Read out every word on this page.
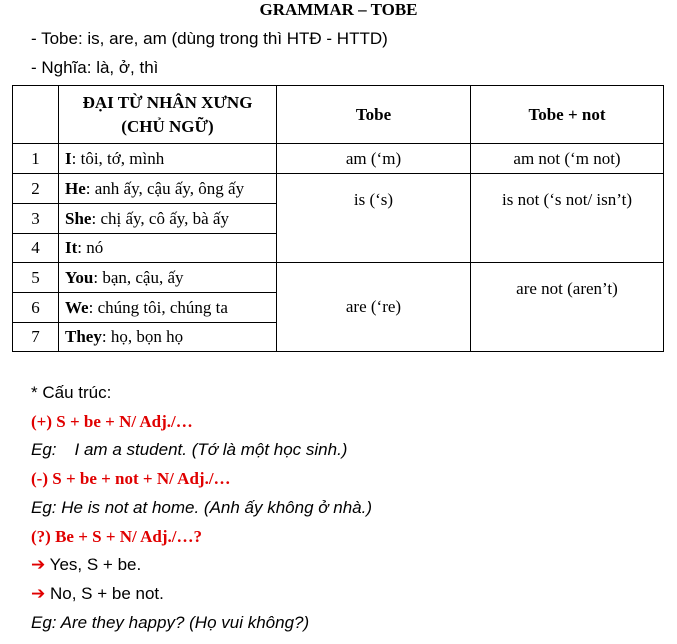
GRAMMAR – TOBE
- Tobe: is, are, am (dùng trong thì HTĐ - HTTD)
- Nghĩa: là, ở, thì

	ĐẠI TỪ NHÂN XƯNG
(CHỦ NGỮ)	Tobe	Tobe + not
1	I: tôi, tớ, mình	am (‘m)	am not (‘m not)
2	He: anh ấy, cậu ấy, ông ấy	is (‘s)	is not (‘s not/ isn’t)
3	She: chị ấy, cô ấy, bà ấy		
4	It: nó		
5	You: bạn, cậu, ấy	are (‘re)	are not (aren’t)
6	We: chúng tôi, chúng ta		
7	They: họ, bọn họ		
* Cấu trúc:
(+) S + be + N/ Adj./…
Eg: I am a student. (Tớ là một học sinh.)
(-) S + be + not + N/ Adj./…
Eg: He is not at home. (Anh ấy không ở nhà.)
(?) Be + S + N/ Adj./…?
➔ Yes, S + be.
➔ No, S + be not.
Eg: Are they happy? (Họ vui không?)
